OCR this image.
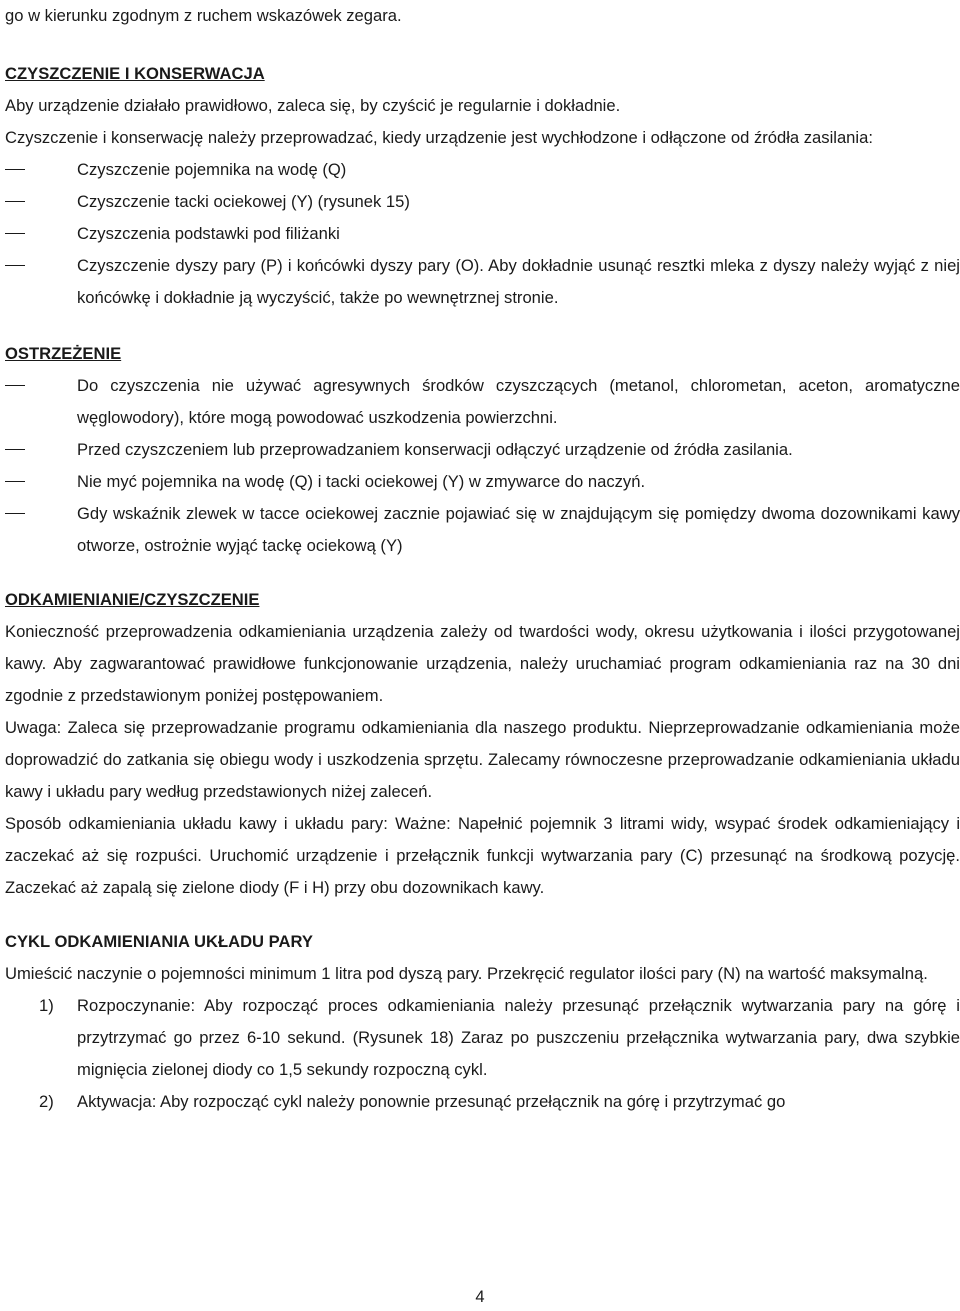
go w kierunku zgodnym z ruchem wskazówek zegara.

CZYSZCZENIE I KONSERWACJA

Aby urządzenie działało prawidłowo, zaleca się, by czyścić je regularnie i dokładnie.

Czyszczenie i konserwację należy przeprowadzać, kiedy urządzenie jest wychłodzone i odłączone od źródła zasilania:

Czyszczenie pojemnika na wodę (Q)
Czyszczenie tacki ociekowej (Y) (rysunek 15)
Czyszczenia podstawki pod filiżanki
Czyszczenie dyszy pary (P) i końcówki dyszy pary (O). Aby dokładnie usunąć resztki mleka z dyszy należy wyjąć z niej końcówkę i dokładnie ją wyczyścić, także po wewnętrznej stronie.
OSTRZEŻENIE
Do czyszczenia nie używać agresywnych środków czyszczących (metanol, chlorometan, aceton, aromatyczne węglowodory), które mogą powodować uszkodzenia powierzchni.
Przed czyszczeniem lub przeprowadzaniem konserwacji odłączyć urządzenie od źródła zasilania.
Nie myć pojemnika na wodę (Q) i tacki ociekowej (Y) w zmywarce do naczyń.
Gdy wskaźnik zlewek w tacce ociekowej zacznie pojawiać się w znajdującym się pomiędzy dwoma dozownikami kawy otworze, ostrożnie wyjąć tackę ociekową (Y)
ODKAMIENIANIE/CZYSZCZENIE

Konieczność przeprowadzenia odkamieniania urządzenia zależy od twardości wody, okresu użytkowania i ilości przygotowanej kawy. Aby zagwarantować prawidłowe funkcjonowanie urządzenia, należy uruchamiać program odkamieniania raz na 30 dni zgodnie z przedstawionym poniżej postępowaniem.

Uwaga: Zaleca się przeprowadzanie programu odkamieniania dla naszego produktu. Nieprzeprowadzanie odkamieniania może doprowadzić do zatkania się obiegu wody i uszkodzenia sprzętu. Zalecamy równoczesne przeprowadzanie odkamieniania układu kawy i układu pary według przedstawionych niżej zaleceń.

Sposób odkamieniania układu kawy i układu pary: Ważne: Napełnić pojemnik 3 litrami widy, wsypać środek odkamieniający i zaczekać aż się rozpuści. Uruchomić urządzenie i przełącznik funkcji wytwarzania pary (C) przesunąć na środkową pozycję. Zaczekać aż zapalą się zielone diody (F i H) przy obu dozownikach kawy.

CYKL ODKAMIENIANIA UKŁADU PARY

Umieścić naczynie o pojemności minimum 1 litra pod dyszą pary. Przekręcić regulator ilości pary (N) na wartość maksymalną.

1) Rozpoczynanie: Aby rozpocząć proces odkamieniania należy przesunąć przełącznik wytwarzania pary na górę i przytrzymać go przez 6-10 sekund. (Rysunek 18) Zaraz po puszczeniu przełącznika wytwarzania pary, dwa szybkie mignięcia zielonej diody co 1,5 sekundy rozpoczną cykl.
2) Aktywacja: Aby rozpocząć cykl należy ponownie przesunąć przełącznik na górę i przytrzymać go
4
